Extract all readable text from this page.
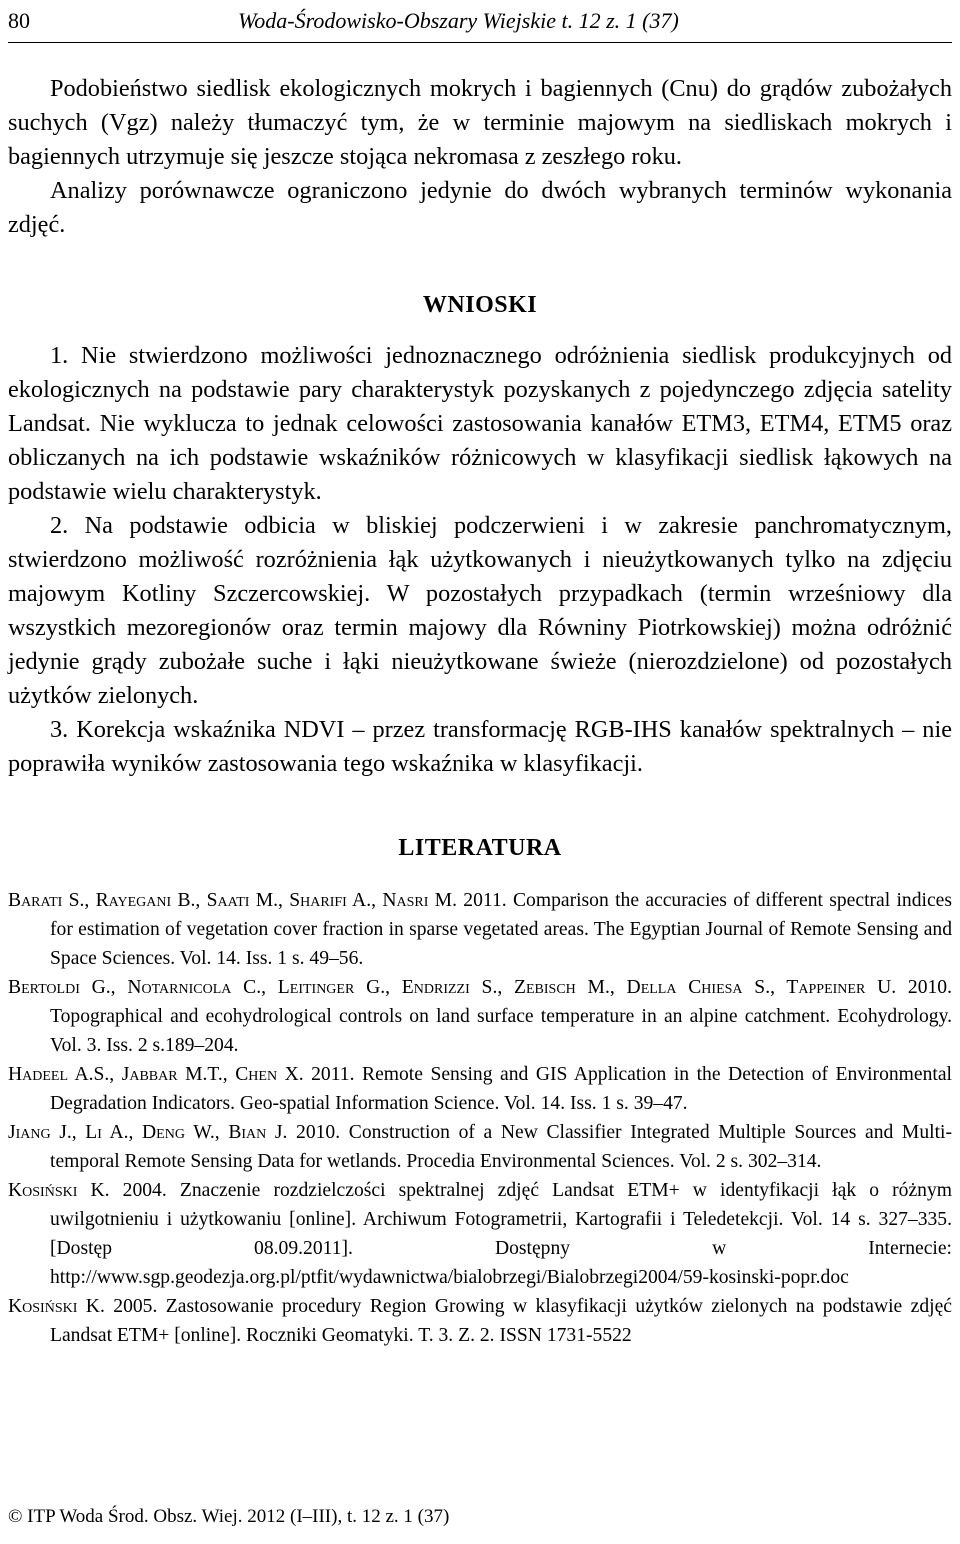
80	Woda-Środowisko-Obszary Wiejskie t. 12 z. 1 (37)

Podobieństwo siedlisk ekologicznych mokrych i bagiennych (Cnu) do grądów zubożałych suchych (Vgz) należy tłumaczyć tym, że w terminie majowym na siedliskach mokrych i bagiennych utrzymuje się jeszcze stojąca nekromasa z zeszłego roku.

Analizy porównawcze ograniczono jedynie do dwóch wybranych terminów wykonania zdjęć.

WNIOSKI

1. Nie stwierdzono możliwości jednoznacznego odróżnienia siedlisk produkcyjnych od ekologicznych na podstawie pary charakterystyk pozyskanych z pojedynczego zdjęcia satelity Landsat. Nie wyklucza to jednak celowości zastosowania kanałów ETM3, ETM4, ETM5 oraz obliczanych na ich podstawie wskaźników różnicowych w klasyfikacji siedlisk łąkowych na podstawie wielu charakterystyk.

2. Na podstawie odbicia w bliskiej podczerwieni i w zakresie panchromatycznym, stwierdzono możliwość rozróżnienia łąk użytkowanych i nieużytkowanych tylko na zdjęciu majowym Kotliny Szczercowskiej. W pozostałych przypadkach (termin wrześniowy dla wszystkich mezoregionów oraz termin majowy dla Równiny Piotrkowskiej) można odróżnić jedynie grądy zubożałe suche i łąki nieużytkowane świeże (nierozdzielone) od pozostałych użytków zielonych.

3. Korekcja wskaźnika NDVI – przez transformację RGB-IHS kanałów spektralnych – nie poprawiła wyników zastosowania tego wskaźnika w klasyfikacji.

LITERATURA

Barati S., Rayegani B., Saati M., Sharifi A., Nasri M. 2011. Comparison the accuracies of different spectral indices for estimation of vegetation cover fraction in sparse vegetated areas. The Egyptian Journal of Remote Sensing and Space Sciences. Vol. 14. Iss. 1 s. 49–56.

Bertoldi G., Notarnicola C., Leitinger G., Endrizzi S., Zebisch M., Della Chiesa S., Tappeiner U. 2010. Topographical and ecohydrological controls on land surface temperature in an alpine catchment. Ecohydrology. Vol. 3. Iss. 2 s.189–204.

Hadeel A.S., Jabbar M.T., Chen X. 2011. Remote Sensing and GIS Application in the Detection of Environmental Degradation Indicators. Geo-spatial Information Science. Vol. 14. Iss. 1 s. 39–47.

Jiang J., Li A., Deng W., Bian J. 2010. Construction of a New Classifier Integrated Multiple Sources and Multi-temporal Remote Sensing Data for wetlands. Procedia Environmental Sciences. Vol. 2 s. 302–314.

Kosiński K. 2004. Znaczenie rozdzielczości spektralnej zdjęć Landsat ETM+ w identyfikacji łąk o różnym uwilgotnieniu i użytkowaniu [online]. Archiwum Fotogrametrii, Kartografii i Teledetekcji. Vol. 14 s. 327–335. [Dostęp 08.09.2011]. Dostępny w Internecie: http://www.sgp.geodezja.org.pl/ptfit/wydawnictwa/bialobrzegi/Bialobrzegi2004/59-kosinski-popr.doc

Kosiński K. 2005. Zastosowanie procedury Region Growing w klasyfikacji użytków zielonych na podstawie zdjęć Landsat ETM+ [online]. Roczniki Geomatyki. T. 3. Z. 2. ISSN 1731-5522

© ITP Woda Środ. Obsz. Wiej. 2012 (I–III), t. 12 z. 1 (37)
